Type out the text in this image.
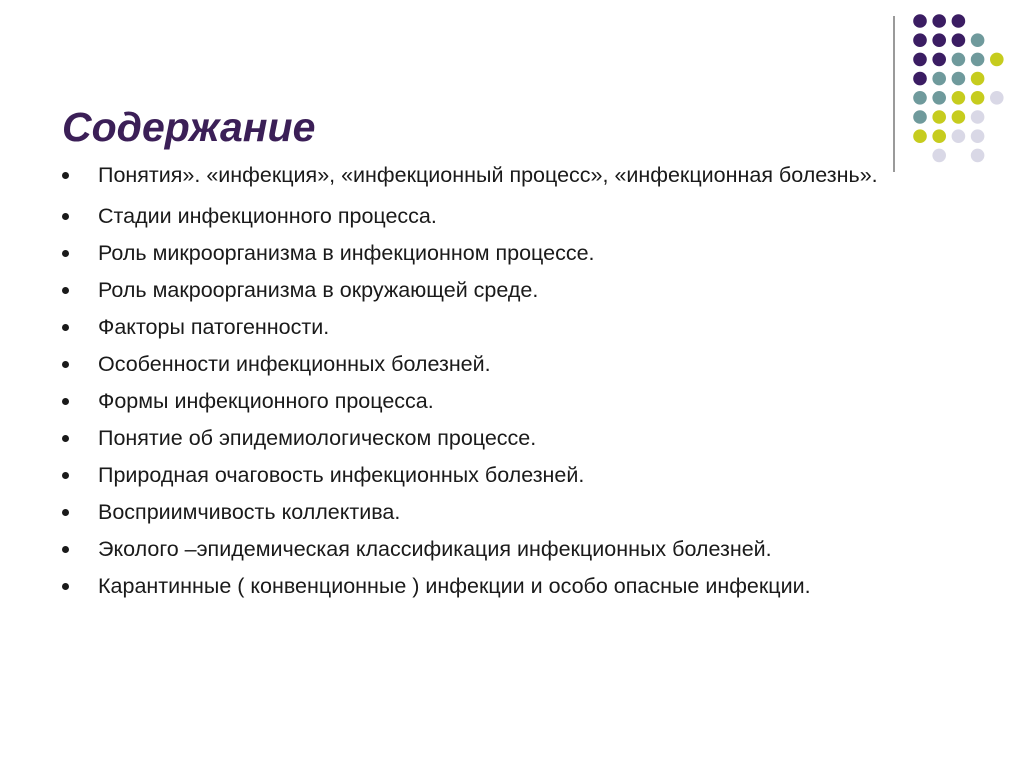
Содержание
Понятия». «инфекция», «инфекционный процесс», «инфекционная болезнь».
Стадии инфекционного процесса.
Роль микроорганизма в инфекционном процессе.
Роль макроорганизма в окружающей среде.
Факторы патогенности.
Особенности инфекционных болезней.
Формы инфекционного процесса.
Понятие об эпидемиологическом процессе.
Природная очаговость инфекционных болезней.
Восприимчивость коллектива.
Эколого –эпидемическая классификация инфекционных болезней.
Карантинные ( конвенционные ) инфекции и особо опасные инфекции.
